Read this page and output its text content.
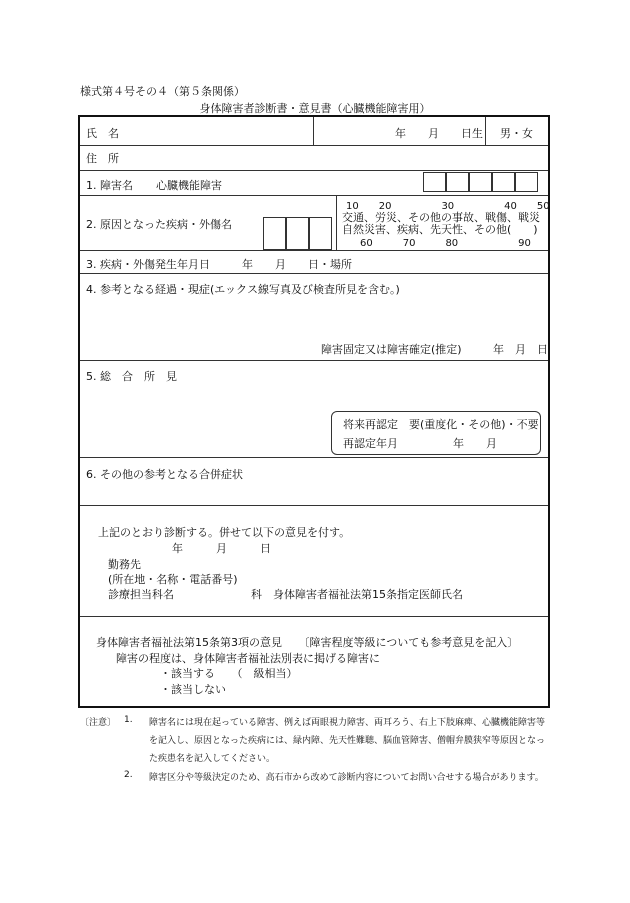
様式第４号その４（第５条関係）
身体障害者診断書・意見書（心臓機能障害用）
氏　名	年　　月　　日生 男・女
住　所
1. 障害名 心臓機能障害
2. 原因となった疾病・外傷名
10　　20　　　　　30　　　　　40　　50
交通、労災、その他の事故、戦傷、戦災
自然災害、疾病、先天性、その他(　　)
60　　　70　　　80　　　　　　90
3. 疾病・外傷発生年月日	年　　月　　日・場所
4. 参考となる経過・現症(エックス線写真及び検査所見を含む。)
障害固定又は障害確定(推定)	年　月　日
5. 総　合　所　見
将来再認定　要(重度化・その他)・不要
再認定年月　　　　　年　　月
6. その他の参考となる合併症状
上記のとおり診断する。併せて以下の意見を付す。
年　　　月　　　日
勤務先
(所在地・名称・電話番号)
診療担当科名　　　　　　　科　身体障害者福祉法第15条指定医師氏名
身体障害者福祉法第15条第3項の意見　　〔障害程度等級についても参考意見を記入〕
障害の程度は、身体障害者福祉法別表に掲げる障害に
・該当する　　（　級相当）
・該当しない
〔注意〕 1. 障害名には現在起っている障害、例えば両眼視力障害、両耳ろう、右上下肢麻痺、心臓機能障害等
を記入し、原因となった疾病には、緑内障、先天性難聴、脳血管障害、僧帽弁膜狭窄等原因となっ
た疾患名を記入してください。
2. 障害区分や等級決定のため、高石市から改めて診断内容についてお問い合せする場合があります。
